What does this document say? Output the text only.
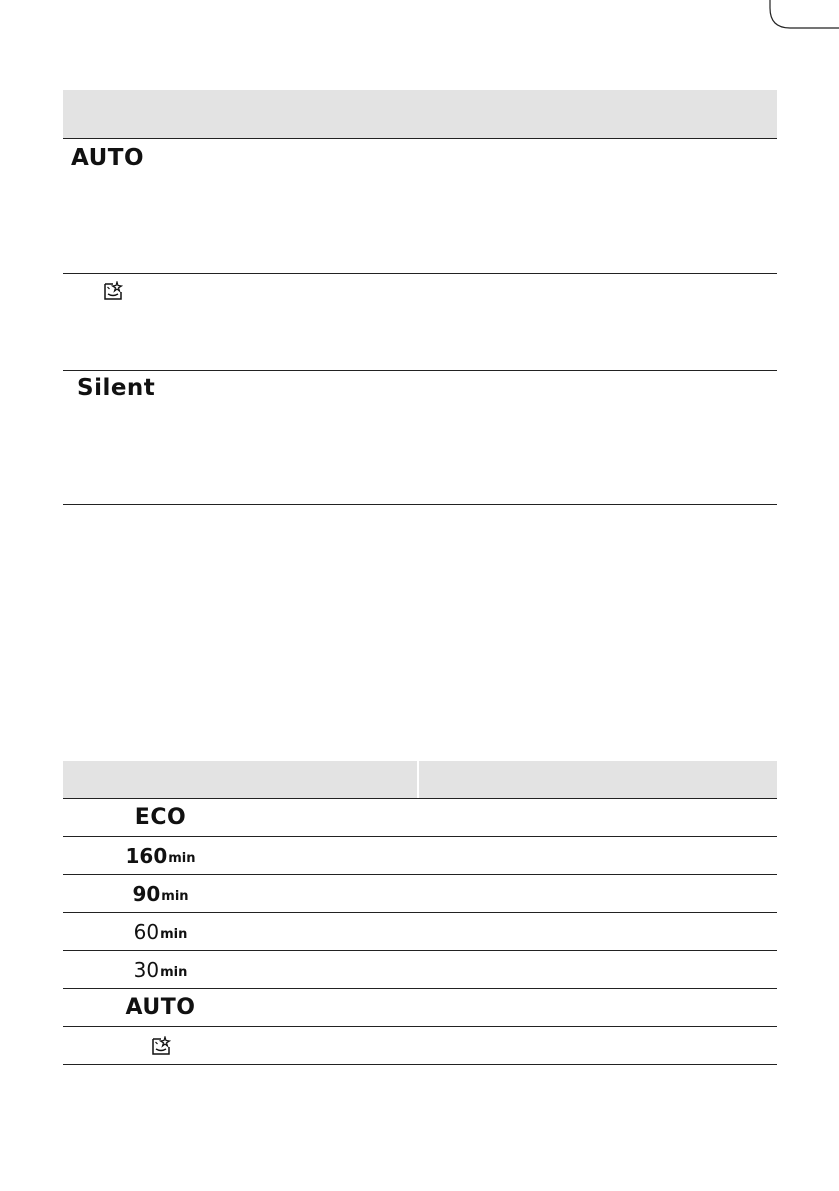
AUTO
Silent
ECO
160 min
90 min
60 min
30 min
AUTO
